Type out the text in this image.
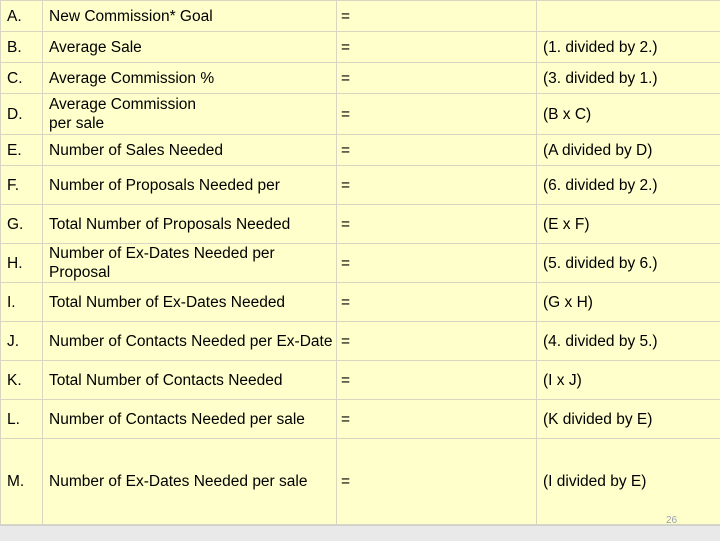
A.	New Commission* Goal	=	
B.	Average Sale	=	(1. divided by 2.)
C.	Average Commission %	=	(3. divided by 1.)
D.	Average Commission per sale	=	(B x C)
E.	Number of Sales Needed	=	(A divided by D)
F.	Number of Proposals Needed per	=	(6. divided by 2.)
G.	Total Number of Proposals Needed	=	(E x F)
H.	Number of Ex-Dates Needed per Proposal	=	(5. divided by 6.)
I.	Total Number of Ex-Dates Needed	=	(G x H)
J.	Number of Contacts Needed per Ex-Date	=	(4. divided by 5.)
K.	Total Number of Contacts Needed	=	(I x J)
L.	Number of Contacts Needed per sale	=	(K divided by E)
M.	Number of Ex-Dates Needed per sale	=	(I divided by E)
26
